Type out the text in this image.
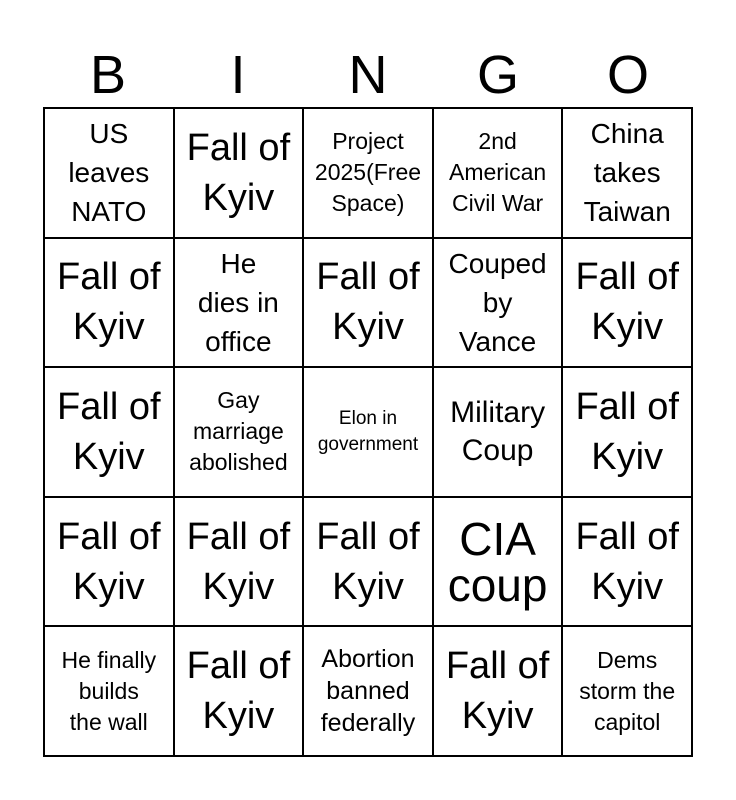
B	I	N	G	O
US
leaves
NATO
Fall of
Kyiv
Project
2025(Free
Space)
2nd
American
Civil War
China
takes
Taiwan
Fall of
Kyiv
He
dies in
office
Fall of
Kyiv
Couped
by
Vance
Fall of
Kyiv
Fall of
Kyiv
Gay
marriage
abolished
Elon in
government
Military
Coup
Fall of
Kyiv
Fall of
Kyiv
Fall of
Kyiv
Fall of
Kyiv
CIA
coup
Fall of
Kyiv
He finally
builds
the wall
Fall of
Kyiv
Abortion
banned
federally
Fall of
Kyiv
Dems
storm the
capitol
